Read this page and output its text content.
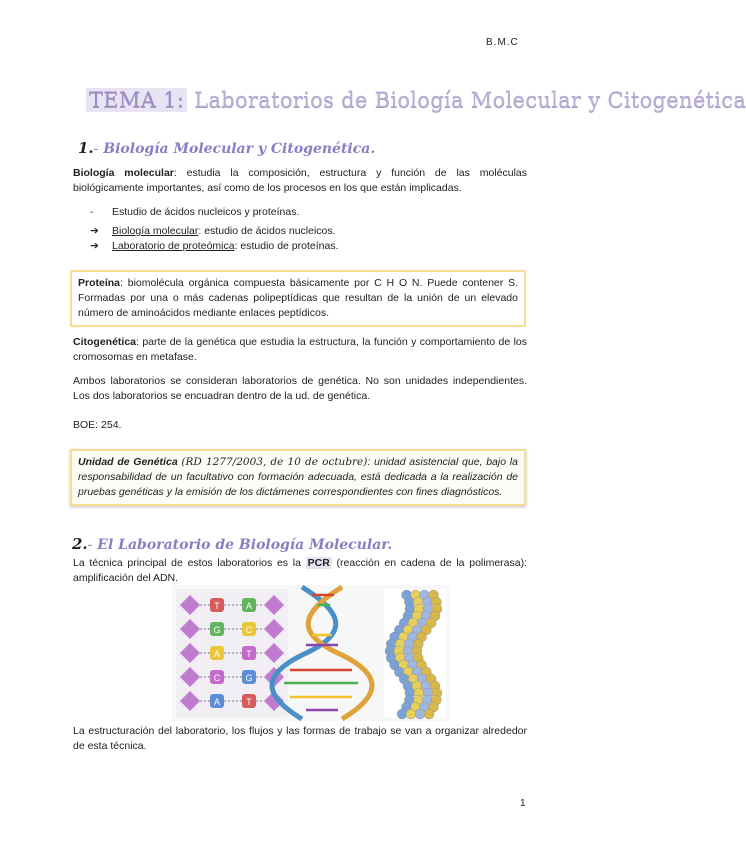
B.M.C
TEMA 1: Laboratorios de Biología Molecular y Citogenética
1.- Biología Molecular y Citogenética.
Biología molecular: estudia la composición, estructura y función de las moléculas biológicamente importantes, así como de los procesos en los que están implicadas.
-	Estudio de ácidos nucleicos y proteínas.
➔	Biología molecular: estudio de ácidos nucleicos.
➔	Laboratorio de proteómica: estudio de proteínas.
Proteína: biomolécula orgánica compuesta básicamente por C H O N. Puede contener S. Formadas por una o más cadenas polipeptídicas que resultan de la unión de un elevado número de aminoácidos mediante enlaces peptídicos.
Citogenética: parte de la genética que estudia la estructura, la función y comportamiento de los cromosomas en metafase.
Ambos laboratorios se consideran laboratorios de genética. No son unidades independientes. Los dos laboratorios se encuadran dentro de la ud. de genética.
BOE: 254.
Unidad de Genética (RD 1277/2003, de 10 de octubre): unidad asistencial que, bajo la responsabilidad de un facultativo con formación adecuada, está dedicada a la realización de pruebas genéticas y la emisión de los dictámenes correspondientes con fines diagnósticos.
2.- El Laboratorio de Biología Molecular.
La técnica principal de estos laboratorios es la PCR (reacción en cadena de la polimerasa): amplificación del ADN.
T	A
G	C
A	T
C	G
A	T
La estructuración del laboratorio, los flujos y las formas de trabajo se van a organizar alrededor de esta técnica.
1
